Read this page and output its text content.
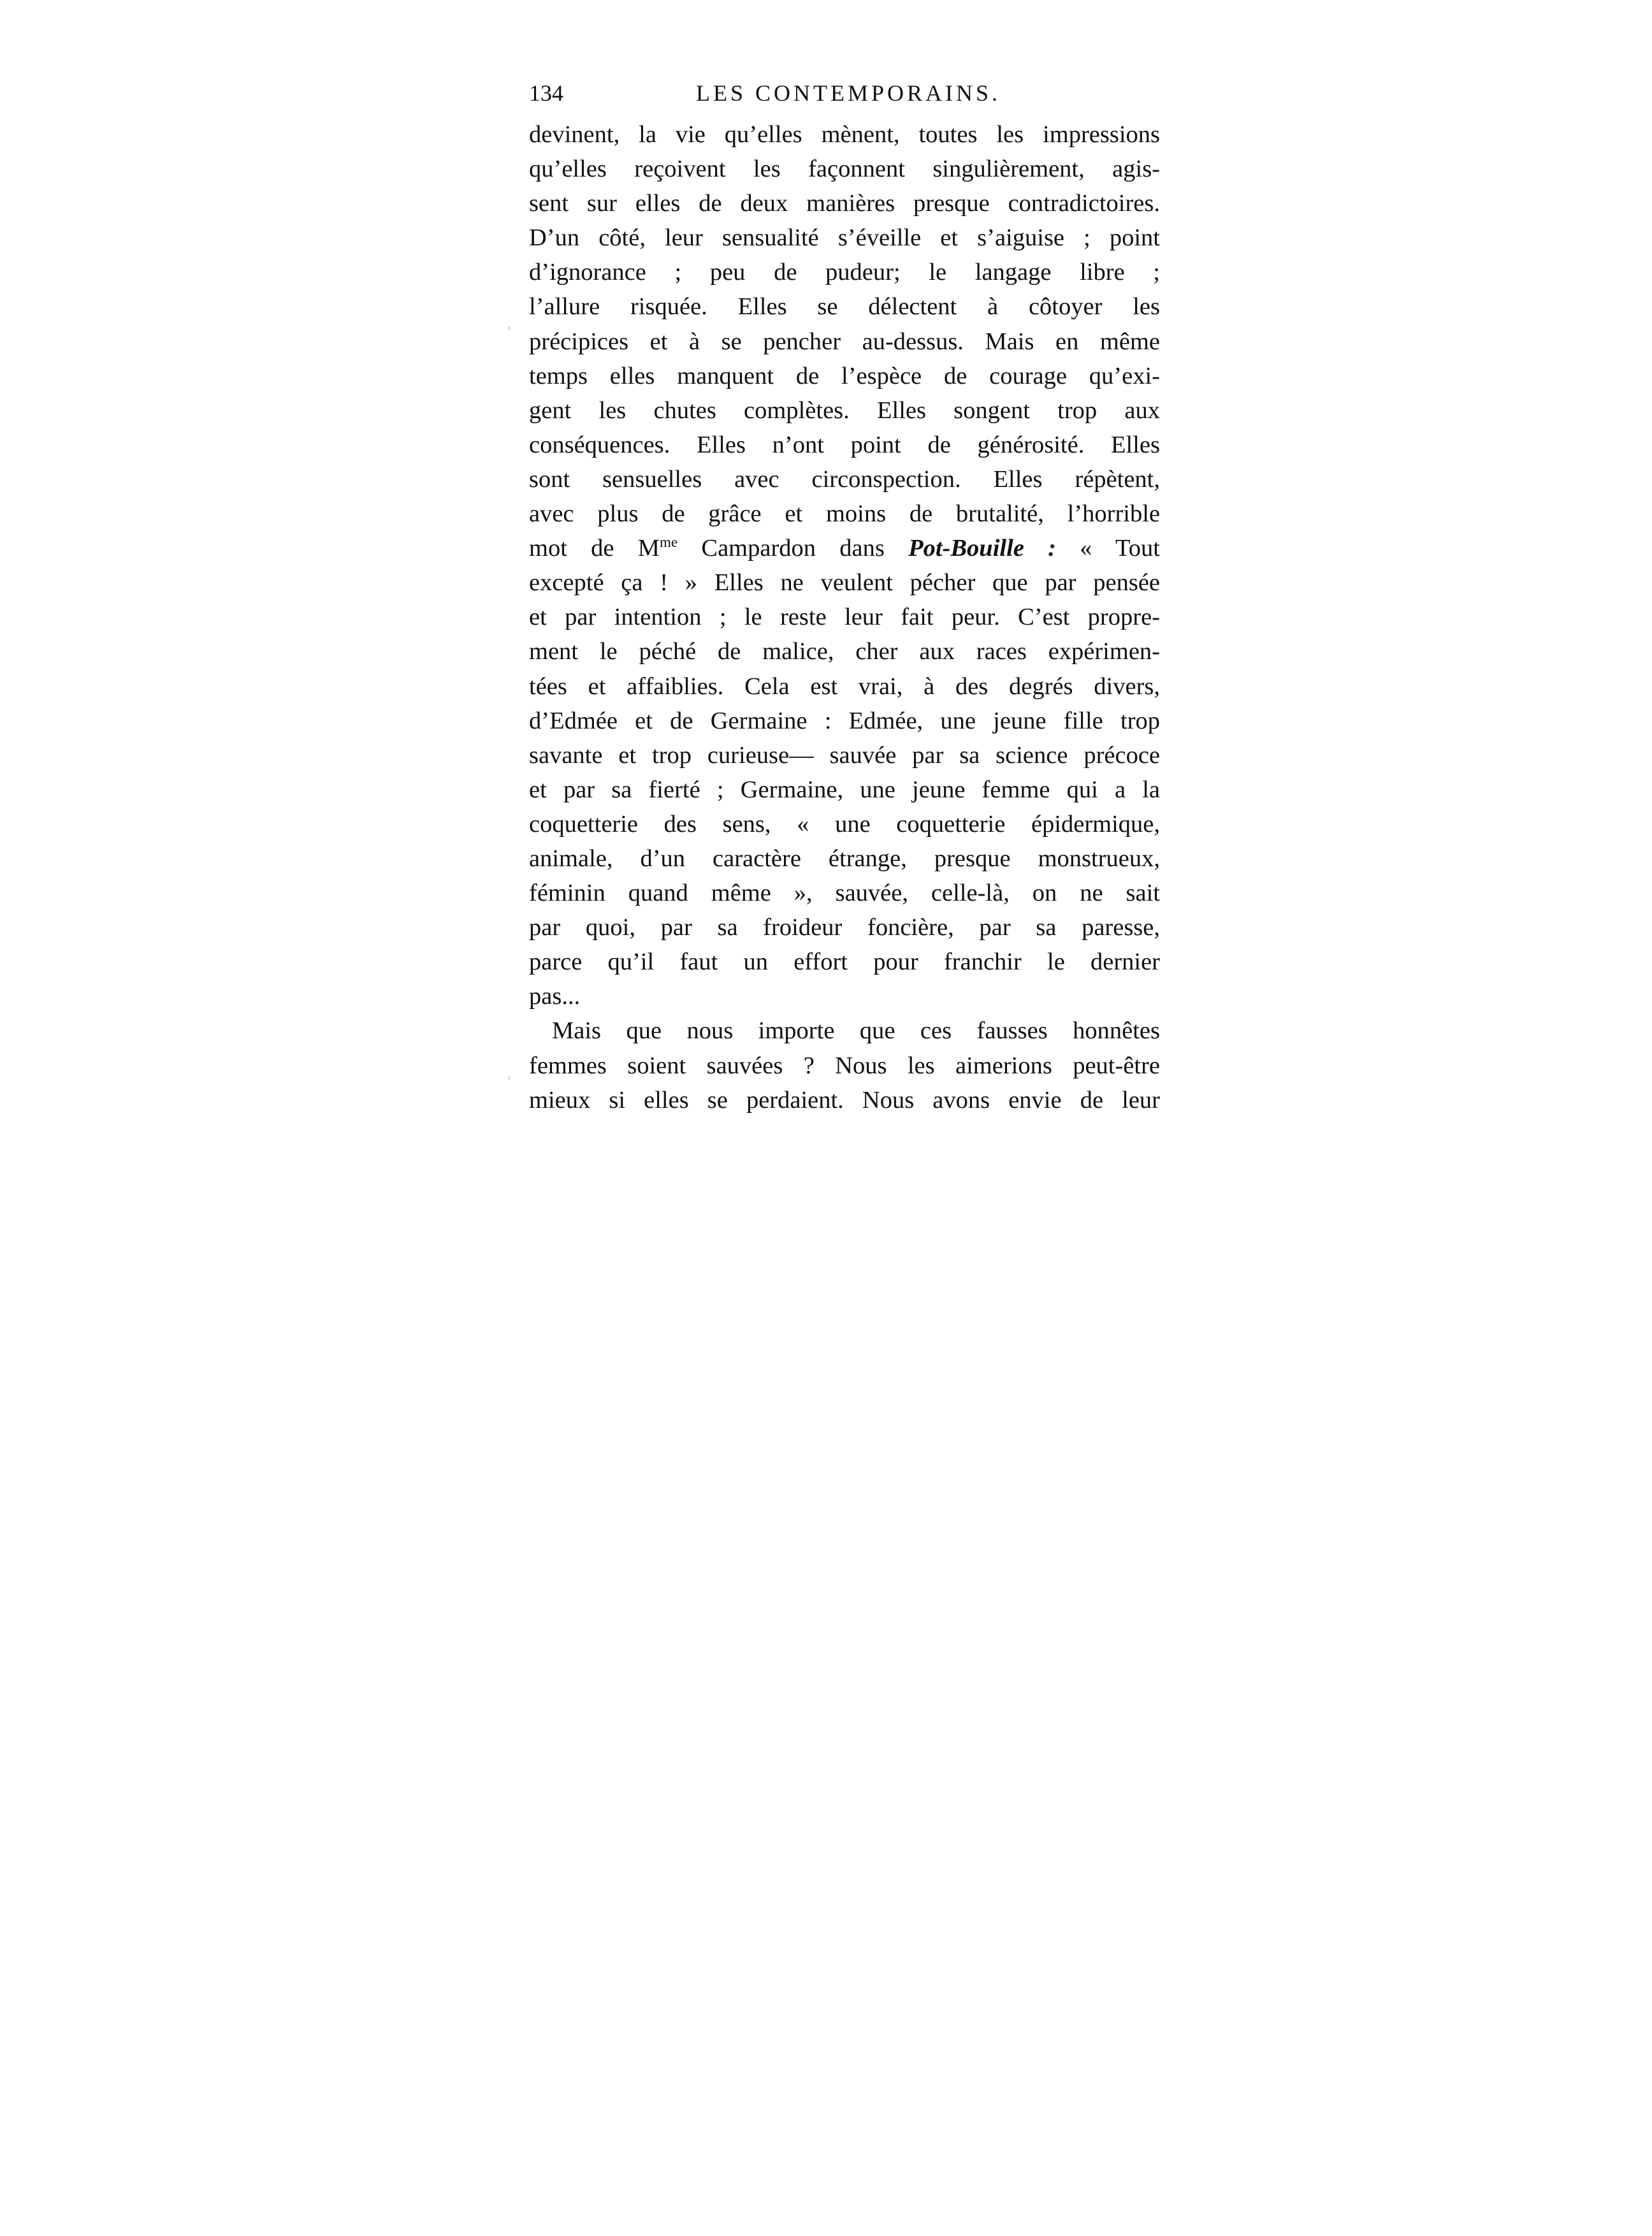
134	LES CONTEMPORAINS.
devinent, la vie qu’elles mènent, toutes les impressions
qu’elles reçoivent les façonnent singulièrement, agis-
sent sur elles de deux manières presque contradictoires.
D’un côté, leur sensualité s’éveille et s’aiguise ; point
d’ignorance ; peu de pudeur; le langage libre ;
l’allure risquée. Elles se délectent à côtoyer les
précipices et à se pencher au-dessus. Mais en même
temps elles manquent de l’espèce de courage qu’exi-
gent les chutes complètes. Elles songent trop aux
conséquences. Elles n’ont point de générosité. Elles
sont sensuelles avec circonspection. Elles répètent,
avec plus de grâce et moins de brutalité, l’horrible
mot de $M^{me}$ Campardon dans Pot-Bouille : « Tout
excepté ça ! » Elles ne veulent pécher que par pensée
et par intention ; le reste leur fait peur. C’est propre-
ment le péché de malice, cher aux races expérimen-
tées et affaiblies. Cela est vrai, à des degrés divers,
d’Edmée et de Germaine : Edmée, une jeune fille trop
savante et trop curieuse— sauvée par sa science précoce
et par sa fierté ; Germaine, une jeune femme qui a la
coquetterie des sens, « une coquetterie épidermique,
animale, d’un caractère étrange, presque monstrueux,
féminin quand même », sauvée, celle-là, on ne sait
par quoi, par sa froideur foncière, par sa paresse,
parce qu’il faut un effort pour franchir le dernier
pas...
Mais que nous importe que ces fausses honnêtes
femmes soient sauvées ? Nous les aimerions peut-être
mieux si elles se perdaient. Nous avons envie de leur
